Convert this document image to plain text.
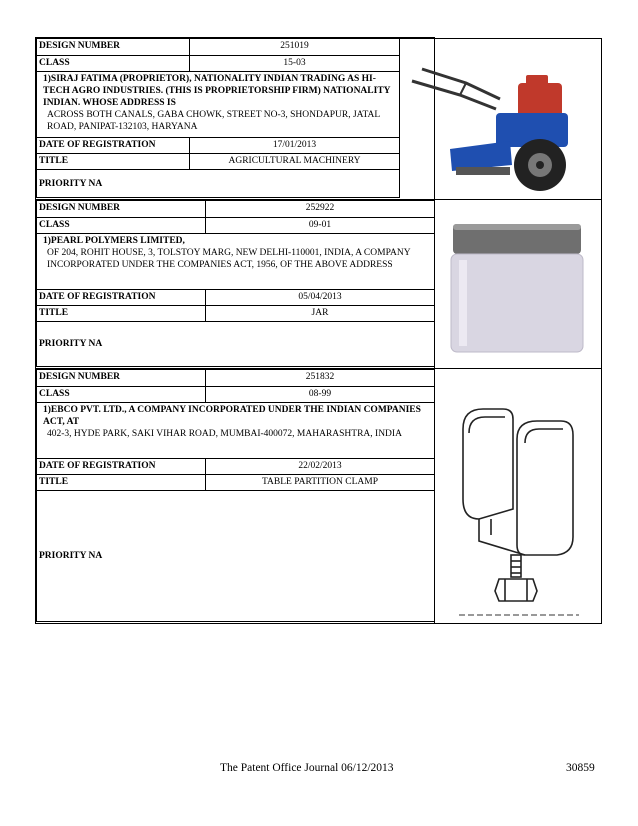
DESIGN NUMBER	251019	
CLASS	15-03	

1)SIRAJ FATIMA (PROPRIETOR), NATIONALITY INDIAN TRADING AS HI-TECH AGRO INDUSTRIES. (THIS IS PROPRIETORSHIP FIRM) NATIONALITY INDIAN. WHOSE ADDRESS IS
ACROSS BOTH CANALS, GABA CHOWK, STREET NO-3, SHONDAPUR, JATAL ROAD, PANIPAT-132103, HARYANA		

DATE OF REGISTRATION	17/01/2013	
TITLE	AGRICULTURAL MACHINERY	
PRIORITY NA		
DESIGN NUMBER	252922
CLASS	09-01

1)PEARL POLYMERS LIMITED,
OF 204, ROHIT HOUSE, 3, TOLSTOY MARG, NEW DELHI-110001, INDIA, A COMPANY INCORPORATED UNDER THE COMPANIES ACT, 1956, OF THE ABOVE ADDRESS	

DATE OF REGISTRATION	05/04/2013
TITLE	JAR
PRIORITY NA	
DESIGN NUMBER	251832
CLASS	08-99

1)EBCO PVT. LTD., A COMPANY INCORPORATED UNDER THE INDIAN COMPANIES ACT, AT
402-3, HYDE PARK, SAKI VIHAR ROAD, MUMBAI-400072, MAHARASHTRA, INDIA	

DATE OF REGISTRATION	22/02/2013
TITLE	TABLE PARTITION CLAMP
PRIORITY NA	
The Patent Office Journal 06/12/2013	30859
